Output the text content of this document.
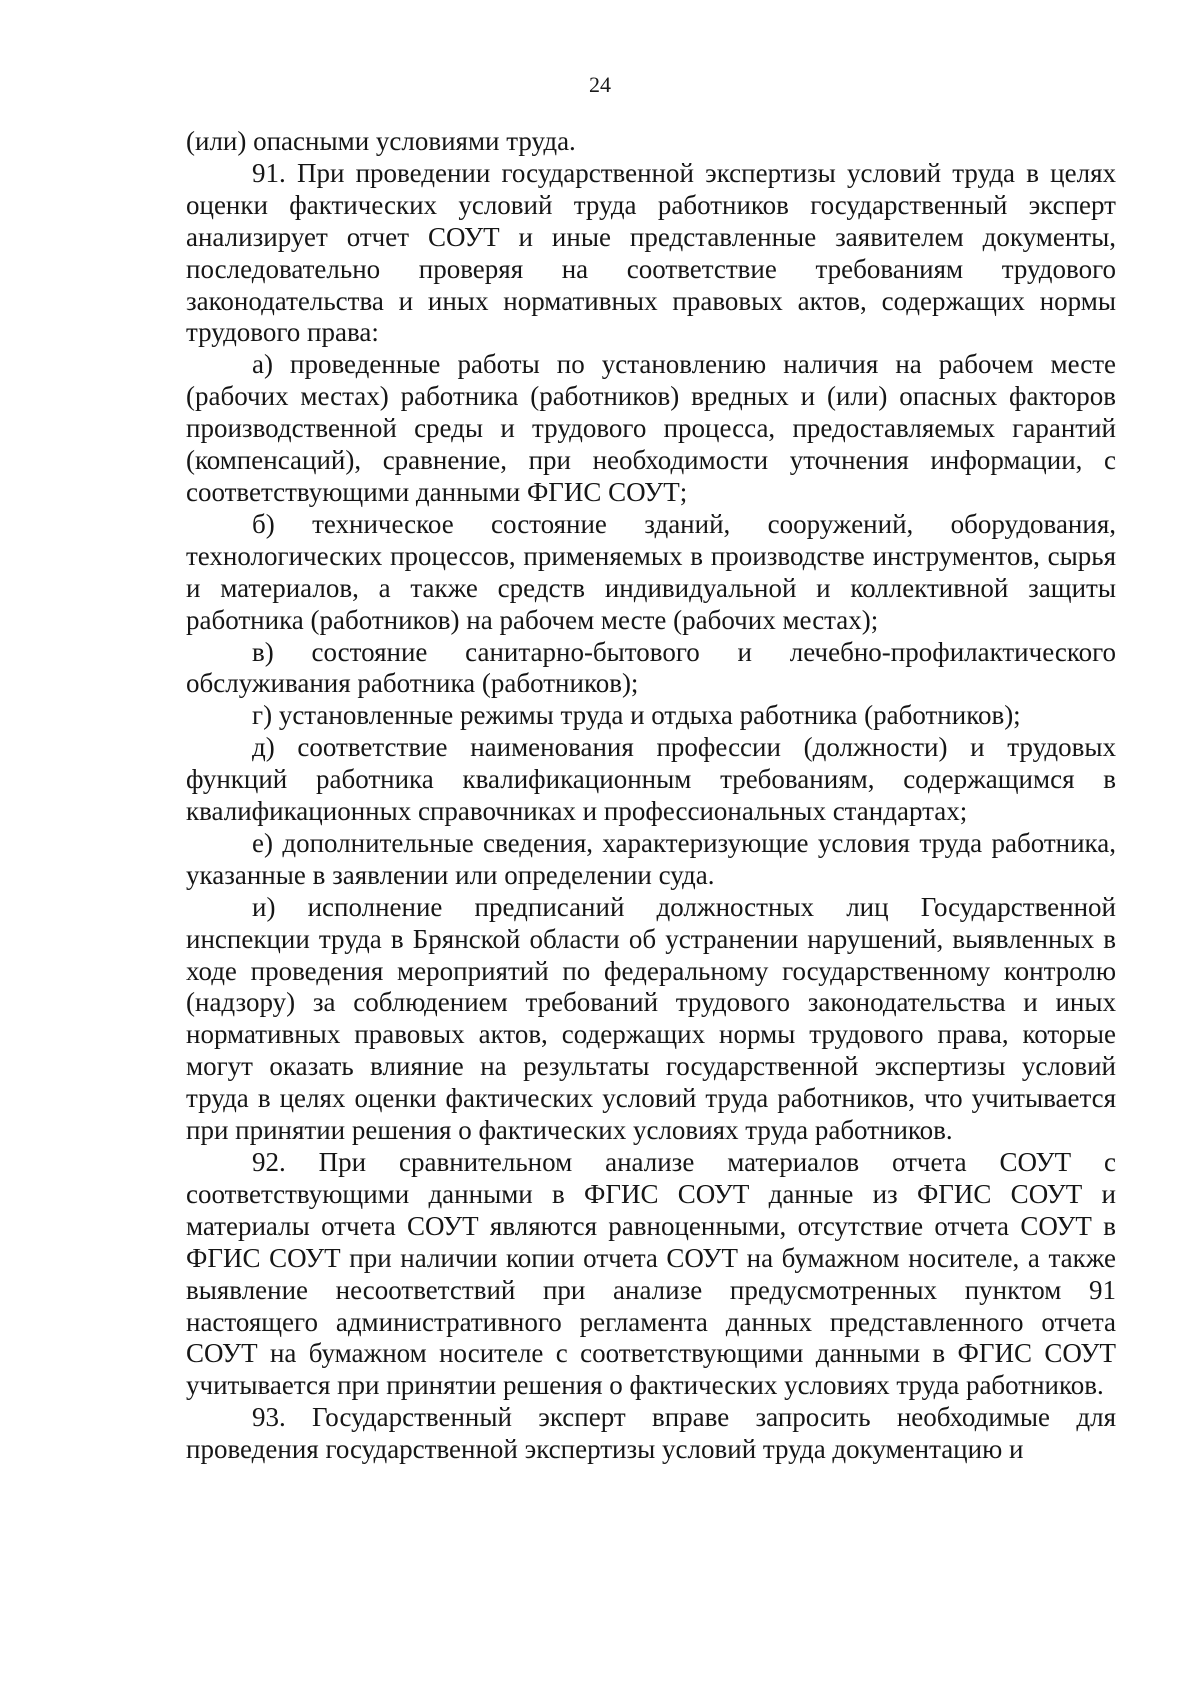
24

(или) опасными условиями труда.

91. При проведении государственной экспертизы условий труда в целях оценки фактических условий труда работников государственный эксперт анализирует отчет СОУТ и иные представленные заявителем документы, последовательно проверяя на соответствие требованиям трудового законодательства и иных нормативных правовых актов, содержащих нормы трудового права:

а) проведенные работы по установлению наличия на рабочем месте (рабочих местах) работника (работников) вредных и (или) опасных факторов производственной среды и трудового процесса, предоставляемых гарантий (компенсаций), сравнение, при необходимости уточнения информации, с соответствующими данными ФГИС СОУТ;

б) техническое состояние зданий, сооружений, оборудования, технологических процессов, применяемых в производстве инструментов, сырья и материалов, а также средств индивидуальной и коллективной защиты работника (работников) на рабочем месте (рабочих местах);

в) состояние санитарно-бытового и лечебно-профилактического обслуживания работника (работников);

г) установленные режимы труда и отдыха работника (работников);

д) соответствие наименования профессии (должности) и трудовых функций работника квалификационным требованиям, содержащимся в квалификационных справочниках и профессиональных стандартах;

е) дополнительные сведения, характеризующие условия труда работника, указанные в заявлении или определении суда.

и) исполнение предписаний должностных лиц Государственной инспекции труда в Брянской области об устранении нарушений, выявленных в ходе проведения мероприятий по федеральному государственному контролю (надзору) за соблюдением требований трудового законодательства и иных нормативных правовых актов, содержащих нормы трудового права, которые могут оказать влияние на результаты государственной экспертизы условий труда в целях оценки фактических условий труда работников, что учитывается при принятии решения о фактических условиях труда работников.

92. При сравнительном анализе материалов отчета СОУТ с соответствующими данными в ФГИС СОУТ данные из ФГИС СОУТ и материалы отчета СОУТ являются равноценными, отсутствие отчета СОУТ в ФГИС СОУТ при наличии копии отчета СОУТ на бумажном носителе, а также выявление несоответствий при анализе предусмотренных пунктом 91 настоящего административного регламента данных представленного отчета СОУТ на бумажном носителе с соответствующими данными в ФГИС СОУТ учитывается при принятии решения о фактических условиях труда работников.

93. Государственный эксперт вправе запросить необходимые для проведения государственной экспертизы условий труда документацию и
